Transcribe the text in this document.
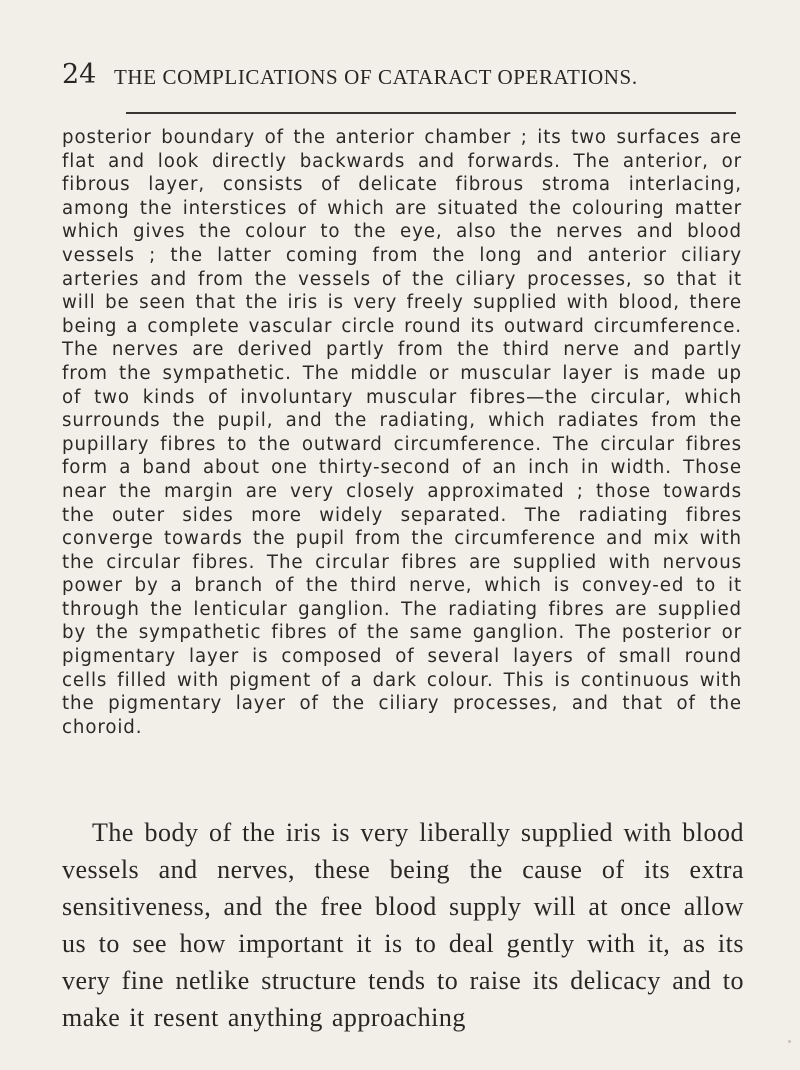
24 THE COMPLICATIONS OF CATARACT OPERATIONS.

posterior boundary of the anterior chamber ; its two surfaces are flat and look directly backwards and forwards. The anterior, or fibrous layer, consists of delicate fibrous stroma interlacing, among the interstices of which are situated the colouring matter which gives the colour to the eye, also the nerves and blood vessels ; the latter coming from the long and anterior ciliary arteries and from the vessels of the ciliary processes, so that it will be seen that the iris is very freely supplied with blood, there being a complete vascular circle round its outward circumference. The nerves are derived partly from the third nerve and partly from the sympathetic. The middle or muscular layer is made up of two kinds of involuntary muscular fibres—the circular, which surrounds the pupil, and the radiating, which radiates from the pupillary fibres to the outward circumference. The circular fibres form a band about one thirty-second of an inch in width. Those near the margin are very closely approximated ; those towards the outer sides more widely separated. The radiating fibres converge towards the pupil from the circumference and mix with the circular fibres. The circular fibres are supplied with nervous power by a branch of the third nerve, which is convey-ed to it through the lenticular ganglion. The radiating fibres are supplied by the sympathetic fibres of the same ganglion. The posterior or pigmentary layer is composed of several layers of small round cells filled with pigment of a dark colour. This is continuous with the pigmentary layer of the ciliary processes, and that of the choroid.

The body of the iris is very liberally supplied with blood vessels and nerves, these being the cause of its extra sensitiveness, and the free blood supply will at once allow us to see how important it is to deal gently with it, as its very fine netlike structure tends to raise its delicacy and to make it resent anything approaching
